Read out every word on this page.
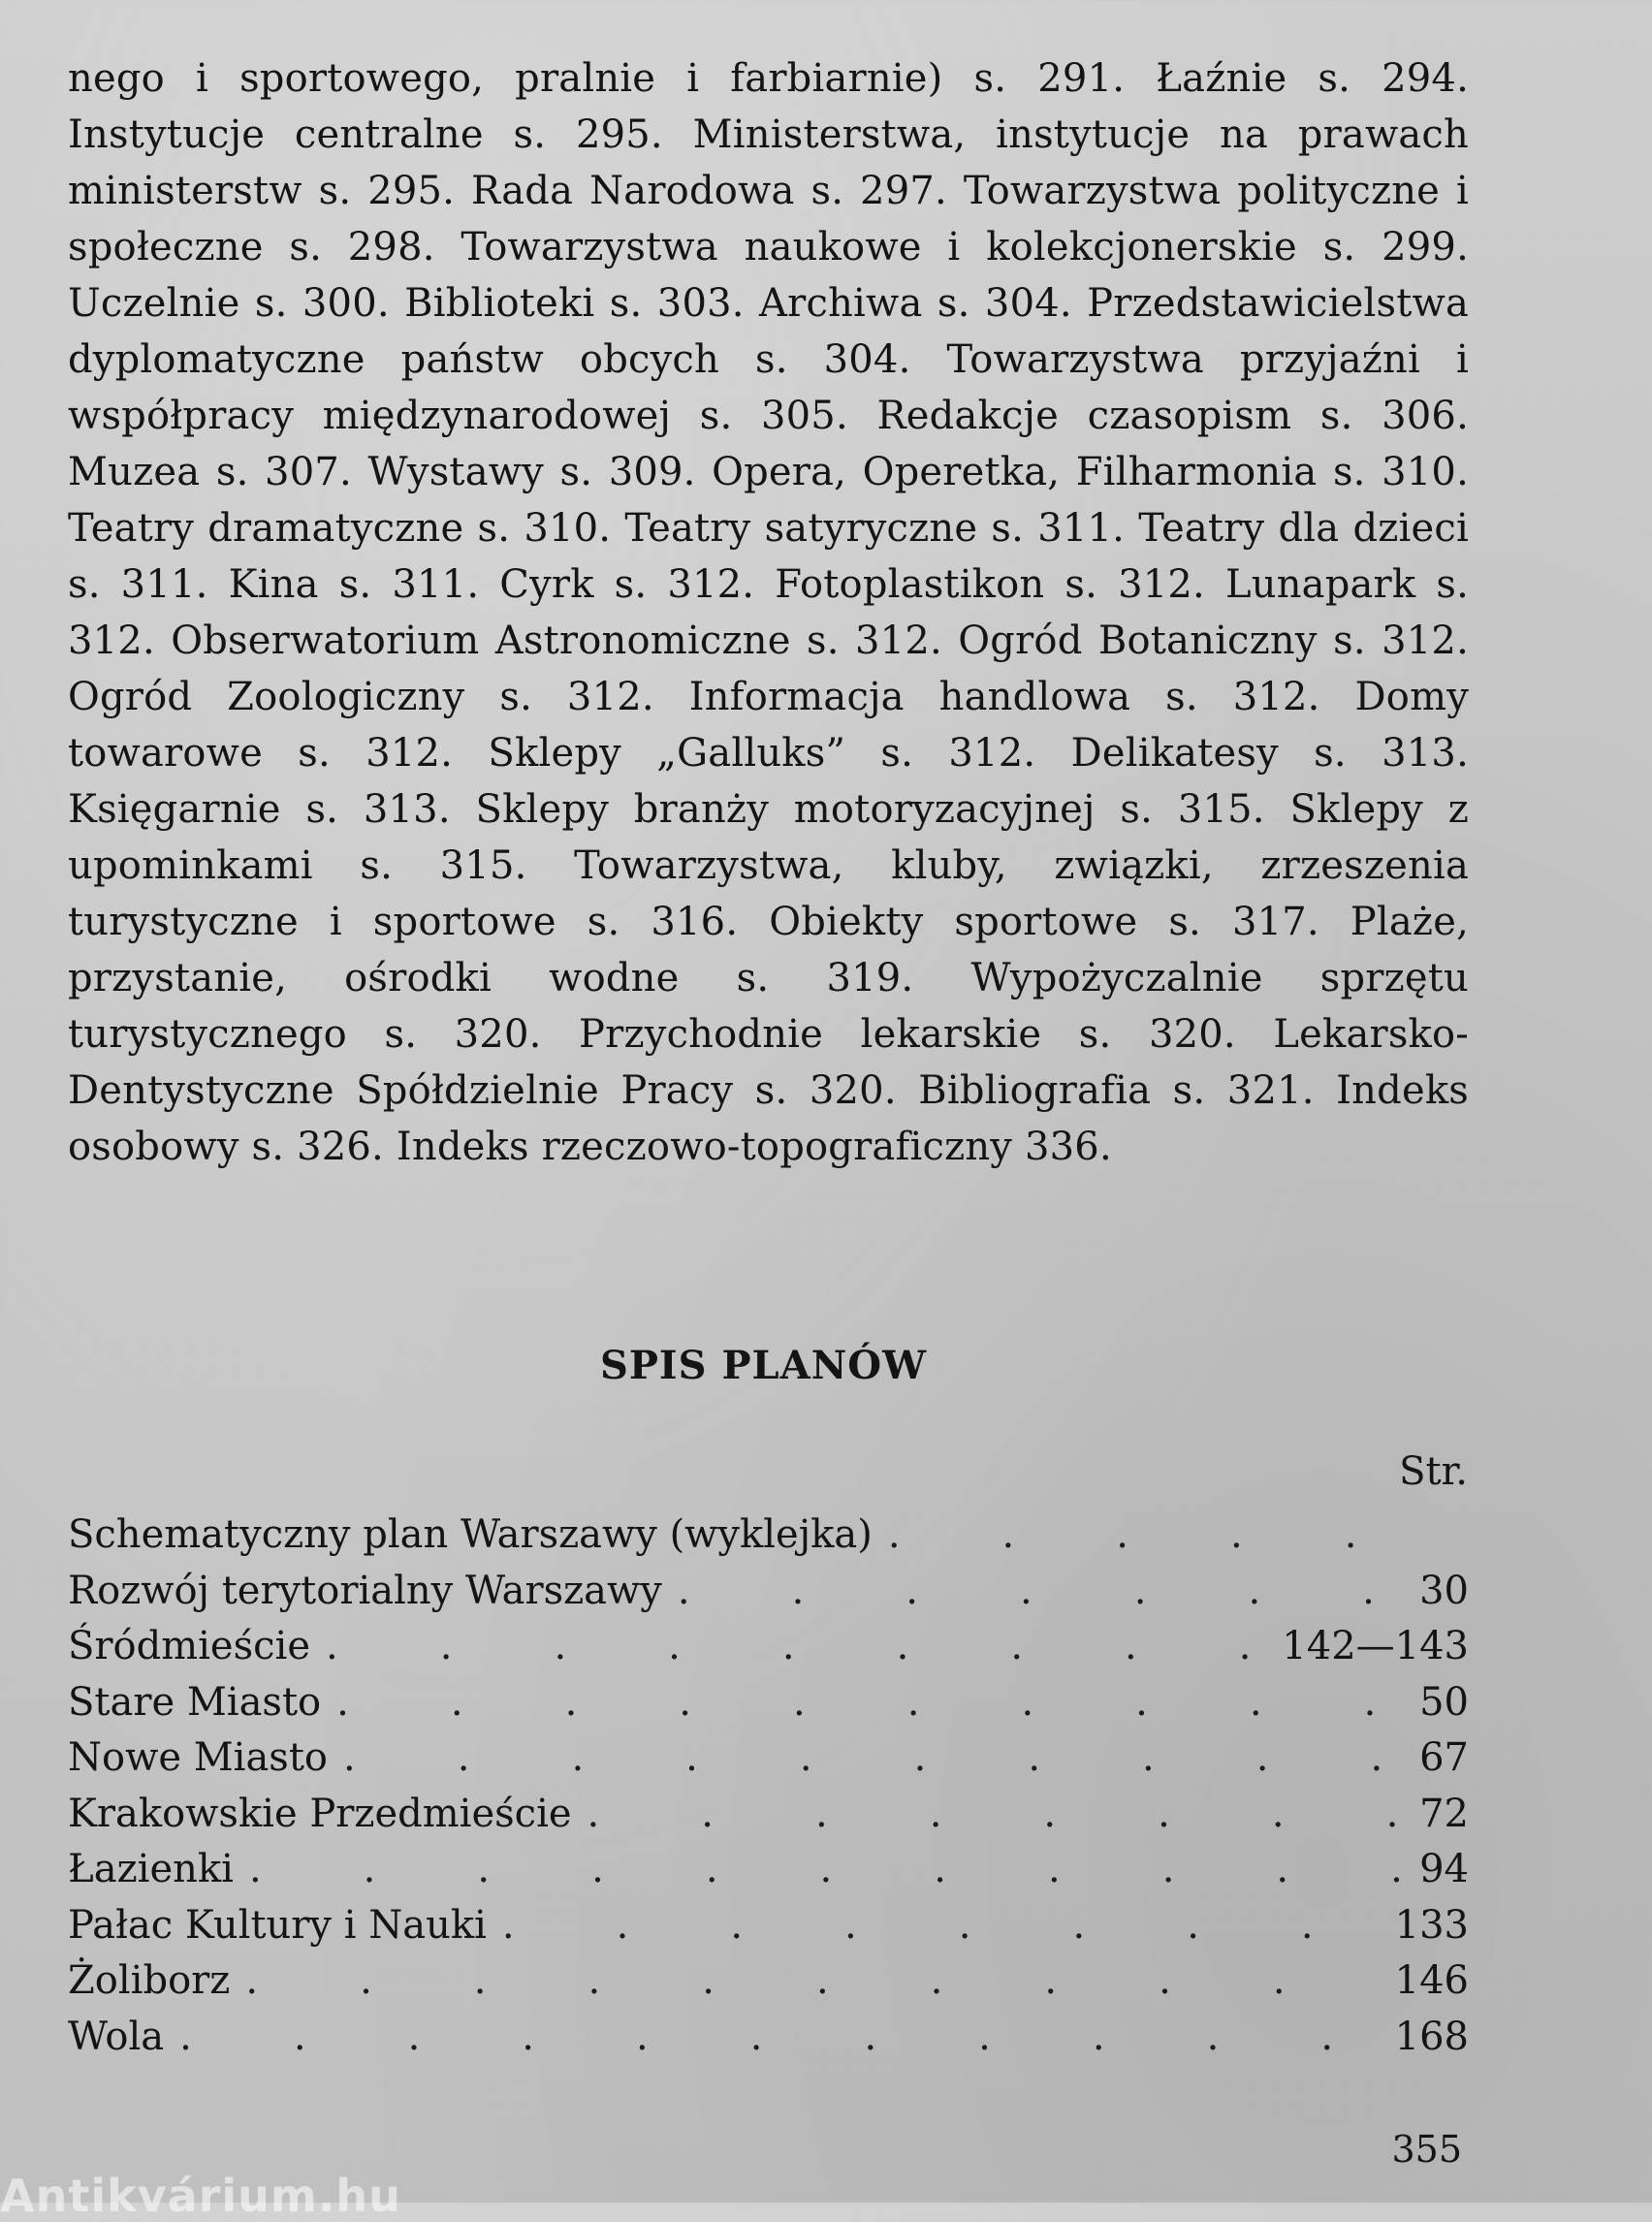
nego i sportowego, pralnie i farbiarnie) s. 291. Łaźnie s. 294. Instytucje centralne s. 295. Ministerstwa, instytucje na prawach ministerstw s. 295. Rada Narodowa s. 297. Towarzystwa polityczne i społeczne s. 298. Towarzystwa naukowe i kolekcjonerskie s. 299. Uczelnie s. 300. Biblioteki s. 303. Archiwa s. 304. Przedstawicielstwa dyplomatyczne państw obcych s. 304. Towarzystwa przyjaźni i współpracy międzynarodowej s. 305. Redakcje czasopism s. 306. Muzea s. 307. Wystawy s. 309. Opera, Operetka, Filharmonia s. 310. Teatry dramatyczne s. 310. Teatry satyryczne s. 311. Teatry dla dzieci s. 311. Kina s. 311. Cyrk s. 312. Fotoplastikon s. 312. Lunapark s. 312. Obserwatorium Astronomiczne s. 312. Ogród Botaniczny s. 312. Ogród Zoologiczny s. 312. Informacja handlowa s. 312. Domy towarowe s. 312. Sklepy „Galluks” s. 312. Delikatesy s. 313. Księgarnie s. 313. Sklepy branży motoryzacyjnej s. 315. Sklepy z upominkami s. 315. Towarzystwa, kluby, związki, zrzeszenia turystyczne i sportowe s. 316. Obiekty sportowe s. 317. Plaże, przystanie, ośrodki wodne s. 319. Wypożyczalnie sprzętu turystycznego s. 320. Przychodnie lekarskie s. 320. Lekarsko-Dentystyczne Spółdzielnie Pracy s. 320. Bibliografia s. 321. Indeks osobowy s. 326. Indeks rzeczowo-topograficzny 336.

SPIS PLANÓW
Str.
Schematyczny plan Warszawy (wyklejka)
.
Rozwój terytorialny Warszawy .	30
Śródmieście .	142—143
Stare Miasto .	50
Nowe Miasto .	67
Krakowskie Przedmieście .	72
Łazienki .	94
Pałac Kultury i Nauki .	133
Żoliborz .	146
Wola .	168
355
Antikvárium.hu
